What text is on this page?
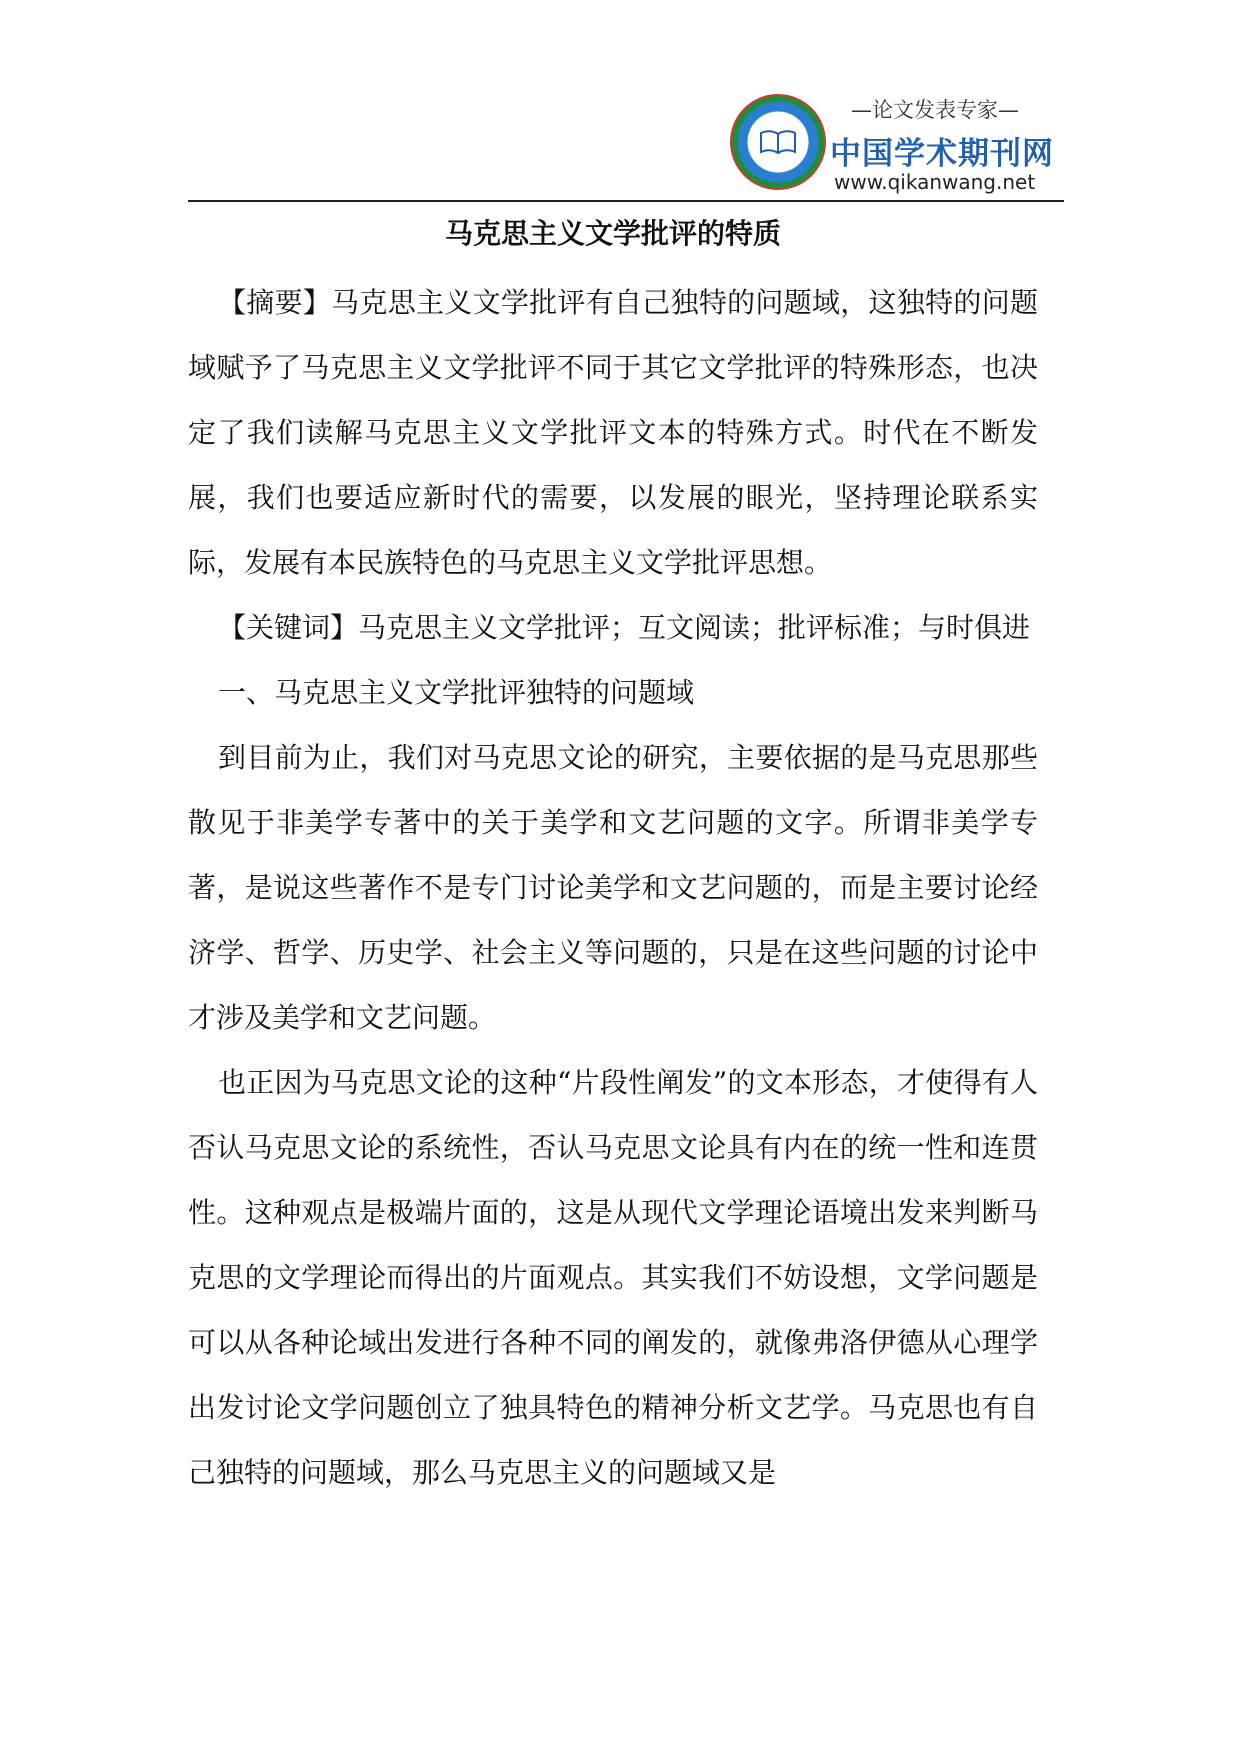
—论文发表专家—
中国学术期刊网
www.qikanwang.net
马克思主义文学批评的特质

【摘要】马克思主义文学批评有自己独特的问题域，这独特的问题域赋予了马克思主义文学批评不同于其它文学批评的特殊形态，也决定了我们读解马克思主义文学批评文本的特殊方式。时代在不断发展，我们也要适应新时代的需要，以发展的眼光，坚持理论联系实际，发展有本民族特色的马克思主义文学批评思想。

【关键词】马克思主义文学批评；互文阅读；批评标准；与时俱进

一、马克思主义文学批评独特的问题域

到目前为止，我们对马克思文论的研究，主要依据的是马克思那些散见于非美学专著中的关于美学和文艺问题的文字。所谓非美学专著，是说这些著作不是专门讨论美学和文艺问题的，而是主要讨论经济学、哲学、历史学、社会主义等问题的，只是在这些问题的讨论中才涉及美学和文艺问题。

也正因为马克思文论的这种“片段性阐发”的文本形态，才使得有人否认马克思文论的系统性，否认马克思文论具有内在的统一性和连贯性。这种观点是极端片面的，这是从现代文学理论语境出发来判断马克思的文学理论而得出的片面观点。其实我们不妨设想，文学问题是可以从各种论域出发进行各种不同的阐发的，就像弗洛伊德从心理学出发讨论文学问题创立了独具特色的精神分析文艺学。马克思也有自己独特的问题域，那么马克思主义的问题域又是
